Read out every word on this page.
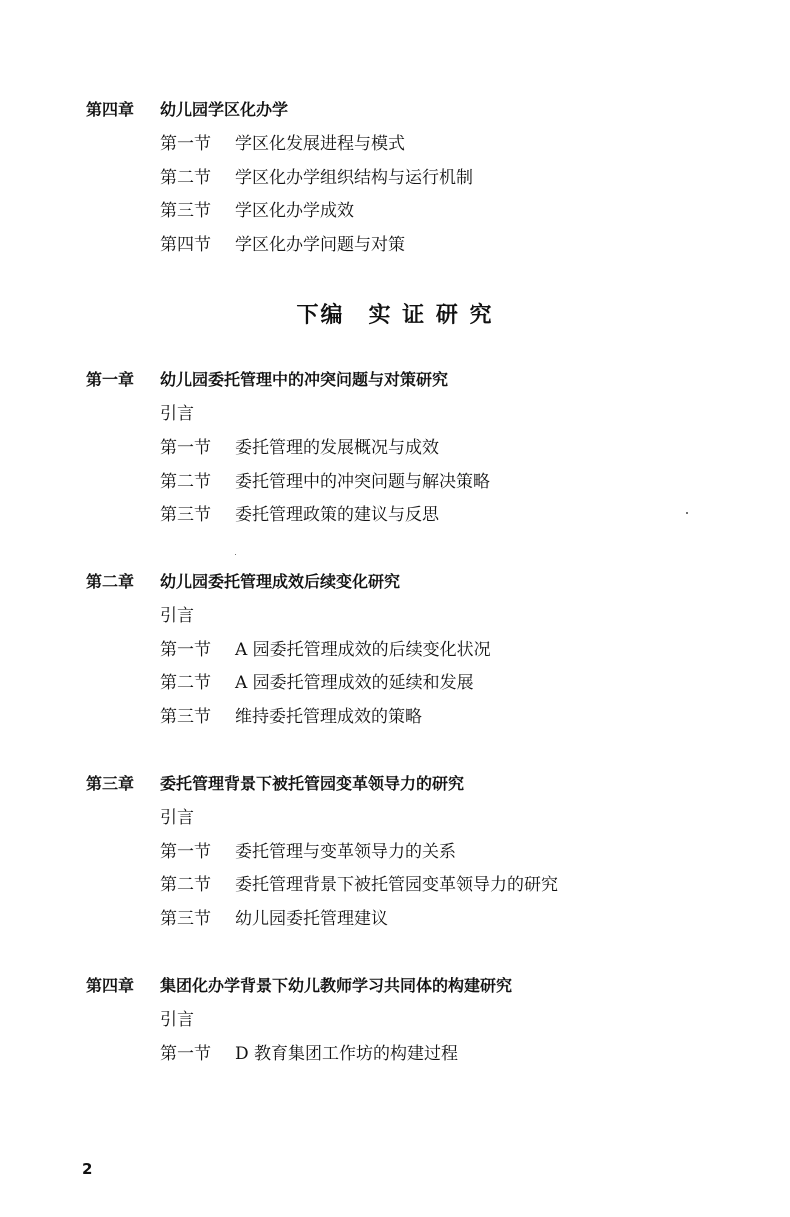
第四章 幼儿园学区化办学
第一节 学区化发展进程与模式
第二节 学区化办学组织结构与运行机制
第三节 学区化办学成效
第四节 学区化办学问题与对策
下编　实 证 研 究
第一章 幼儿园委托管理中的冲突问题与对策研究
引言
第一节 委托管理的发展概况与成效
第二节 委托管理中的冲突问题与解决策略
第三节 委托管理政策的建议与反思
第二章 幼儿园委托管理成效后续变化研究
引言
第一节 A 园委托管理成效的后续变化状况
第二节 A 园委托管理成效的延续和发展
第三节 维持委托管理成效的策略
第三章 委托管理背景下被托管园变革领导力的研究
引言
第一节 委托管理与变革领导力的关系
第二节 委托管理背景下被托管园变革领导力的研究
第三节 幼儿园委托管理建议
第四章 集团化办学背景下幼儿教师学习共同体的构建研究
引言
第一节 D 教育集团工作坊的构建过程
2
